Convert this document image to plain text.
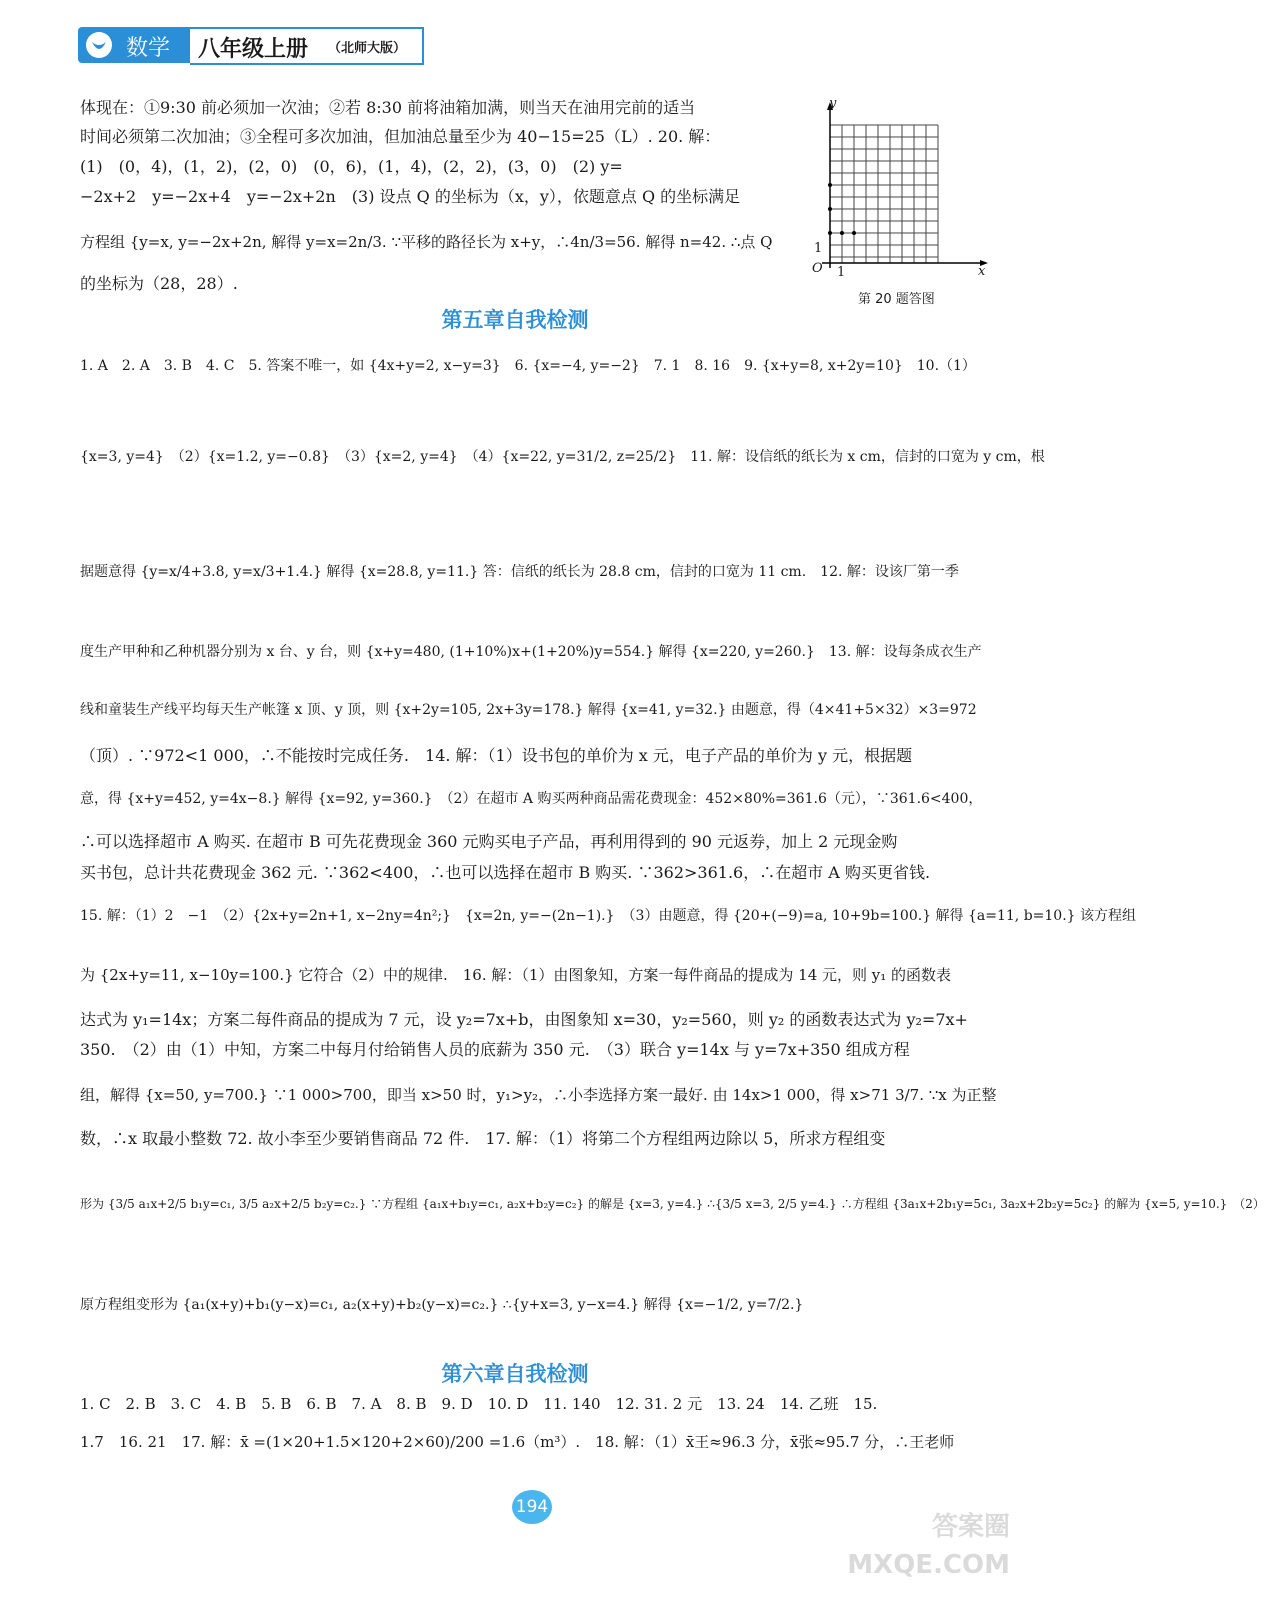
数学 八年级上册 （北师大版）
体现在：①9:30 前必须加一次油；②若 8:30 前将油箱加满，则当天在油用完前的适当
时间必须第二次加油；③全程可多次加油，但加油总量至少为 40−15=25（L）. 20. 解：
(1)　(0，4)，(1，2)，(2，0)　(0，6)，(1，4)，(2，2)，(3，0)　(2) y=
−2x+2　y=−2x+4　y=−2x+2n　(3) 设点 Q 的坐标为（x，y），依题意点 Q 的坐标满足
方程组 {y=x, y=−2x+2n, 解得 y=x=2n/3. ∵平移的路径长为 x+y，∴4n/3=56. 解得 n=42. ∴点 Q
的坐标为（28，28）.
y
x
O
1
1
第 20 题答图
第五章自我检测
1. A　2. A　3. B　4. C　5. 答案不唯一，如 {4x+y=2, x−y=3}　6. {x=−4, y=−2}　7. 1　8. 16　9. {x+y=8, x+2y=10}　10.（1）
{x=3, y=4}　（2）{x=1.2, y=−0.8}　（3）{x=2, y=4}　（4）{x=22, y=31/2, z=25/2}　11. 解：设信纸的纸长为 x cm，信封的口宽为 y cm，根
据题意得 {y=x/4+3.8, y=x/3+1.4.} 解得 {x=28.8, y=11.} 答：信纸的纸长为 28.8 cm，信封的口宽为 11 cm.　12. 解：设该厂第一季
度生产甲种和乙种机器分别为 x 台、y 台，则 {x+y=480, (1+10%)x+(1+20%)y=554.} 解得 {x=220, y=260.}　13. 解：设每条成衣生产
线和童装生产线平均每天生产帐篷 x 顶、y 顶，则 {x+2y=105, 2x+3y=178.} 解得 {x=41, y=32.} 由题意，得（4×41+5×32）×3=972
（顶）. ∵972<1 000，∴不能按时完成任务.　14. 解：（1）设书包的单价为 x 元，电子产品的单价为 y 元，根据题
意，得 {x+y=452, y=4x−8.} 解得 {x=92, y=360.}　（2）在超市 A 购买两种商品需花费现金：452×80%=361.6（元），∵361.6<400，
∴可以选择超市 A 购买. 在超市 B 可先花费现金 360 元购买电子产品，再利用得到的 90 元返券，加上 2 元现金购
买书包，总计共花费现金 362 元. ∵362<400，∴也可以选择在超市 B 购买. ∵362>361.6，∴在超市 A 购买更省钱.
15. 解：（1）2　−1　（2）{2x+y=2n+1, x−2ny=4n²;}　{x=2n, y=−(2n−1).}　（3）由题意，得 {20+(−9)=a, 10+9b=100.} 解得 {a=11, b=10.} 该方程组
为 {2x+y=11, x−10y=100.} 它符合（2）中的规律.　16. 解：（1）由图象知，方案一每件商品的提成为 14 元，则 y₁ 的函数表
达式为 y₁=14x；方案二每件商品的提成为 7 元，设 y₂=7x+b，由图象知 x=30，y₂=560，则 y₂ 的函数表达式为 y₂=7x+
350.　（2）由（1）中知，方案二中每月付给销售人员的底薪为 350 元.　（3）联合 y=14x 与 y=7x+350 组成方程
组，解得 {x=50, y=700.} ∵1 000>700，即当 x>50 时，y₁>y₂，∴小李选择方案一最好. 由 14x>1 000，得 x>71 3/7. ∵x 为正整
数，∴x 取最小整数 72. 故小李至少要销售商品 72 件.　17. 解：（1）将第二个方程组两边除以 5，所求方程组变
形为 {3/5 a₁x+2/5 b₁y=c₁, 3/5 a₂x+2/5 b₂y=c₂.} ∵方程组 {a₁x+b₁y=c₁, a₂x+b₂y=c₂} 的解是 {x=3, y=4.} ∴{3/5 x=3, 2/5 y=4.} ∴方程组 {3a₁x+2b₁y=5c₁, 3a₂x+2b₂y=5c₂} 的解为 {x=5, y=10.}　（2）
原方程组变形为 {a₁(x+y)+b₁(y−x)=c₁, a₂(x+y)+b₂(y−x)=c₂.} ∴{y+x=3, y−x=4.} 解得 {x=−1/2, y=7/2.}
第六章自我检测
1. C　2. B　3. C　4. B　5. B　6. B　7. A　8. B　9. D　10. D　11. 140　12. 31. 2 元　13. 24　14. 乙班　15.
1.7　16. 21　17. 解：x̄ =(1×20+1.5×120+2×60)/200 =1.6（m³）.　18. 解：（1）x̄王≈96.3 分，x̄张≈95.7 分，∴王老师
194
答案圈 MXQE.COM
